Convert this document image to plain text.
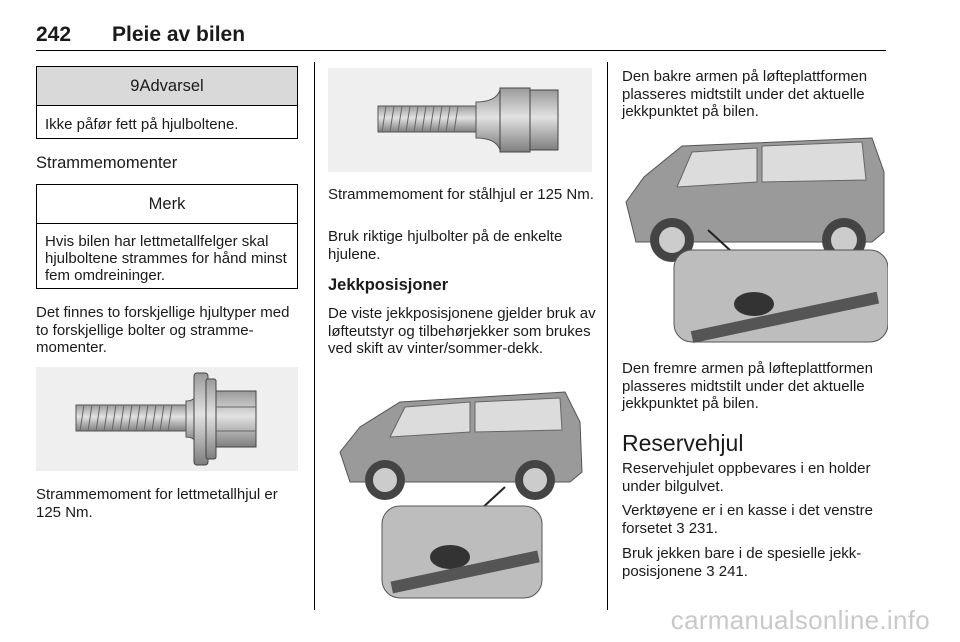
242 Pleie av bilen
9Advarsel
Ikke påfør fett på hjulboltene.
Strammemomenter
Merk
Hvis bilen har lettmetallfelger skal hjulboltene strammes for hånd minst fem omdreininger.
Det finnes to forskjellige hjultyper med to forskjellige bolter og stramme-momenter.
Strammemoment for lettmetallhjul er 125 Nm.
Strammemoment for stålhjul er 125 Nm.
Bruk riktige hjulbolter på de enkelte hjulene.
Jekkposisjoner
De viste jekkposisjonene gjelder bruk av løfteutstyr og tilbehørjekker som brukes ved skift av vinter/sommer-dekk.
Den bakre armen på løfteplattformen plasseres midtstilt under det aktuelle jekkpunktet på bilen.
Den fremre armen på løfteplattformen plasseres midtstilt under det aktuelle jekkpunktet på bilen.
Reservehjul
Reservehjulet oppbevares i en holder under bilgulvet.
Verktøyene er i en kasse i det venstre forsetet 3 231.
Bruk jekken bare i de spesielle jekk-posisjonene 3 241.
carmanualsonline.info
